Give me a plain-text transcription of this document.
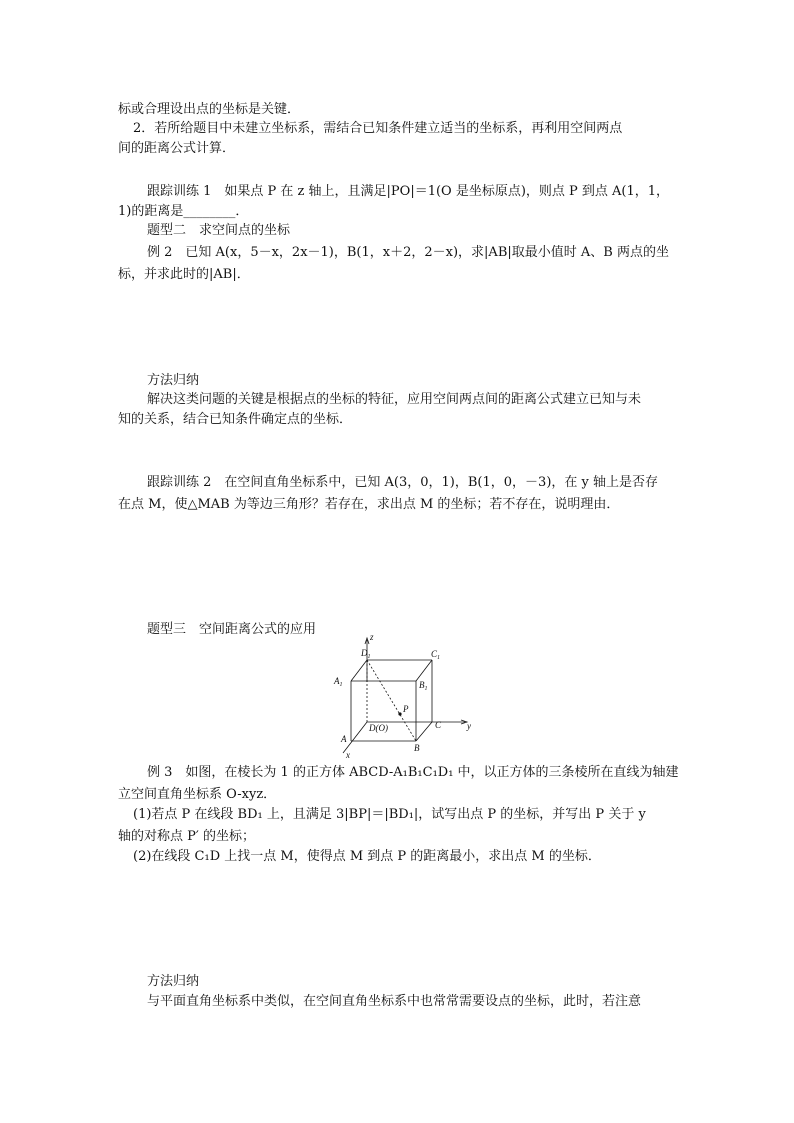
标或合理设出点的坐标是关键．
2．若所给题目中未建立坐标系，需结合已知条件建立适当的坐标系，再利用空间两点
间的距离公式计算．
跟踪训练 1　如果点 P 在 z 轴上，且满足|PO|＝1(O 是坐标原点)，则点 P 到点 A(1，1，
1)的距离是________．
题型二　求空间点的坐标
例 2　已知 A(x，5－x，2x－1)，B(1，x＋2，2－x)，求|AB|取最小值时 A、B 两点的坐
标，并求此时的|AB|．
方法归纳
解决这类问题的关键是根据点的坐标的特征，应用空间两点间的距离公式建立已知与未
知的关系，结合已知条件确定点的坐标．
跟踪训练 2　在空间直角坐标系中，已知 A(3，0，1)，B(1，0，－3)，在 y 轴上是否存
在点 M，使△MAB 为等边三角形？若存在，求出点 M 的坐标；若不存在，说明理由．
题型三　空间距离公式的应用	z
$D_1$	$C_1$
$A_1$	$B_1$
P
D(O)	C	y
A
B
x
例 3　如图，在棱长为 1 的正方体 ABCD-A₁B₁C₁D₁ 中，以正方体的三条棱所在直线为轴建
立空间直角坐标系 O-xyz．
(1)若点 P 在线段 BD₁ 上，且满足 3|BP|＝|BD₁|，试写出点 P 的坐标，并写出 P 关于 y
轴的对称点 P′ 的坐标；
(2)在线段 C₁D 上找一点 M，使得点 M 到点 P 的距离最小，求出点 M 的坐标．
方法归纳
与平面直角坐标系中类似，在空间直角坐标系中也常常需要设点的坐标，此时，若注意
